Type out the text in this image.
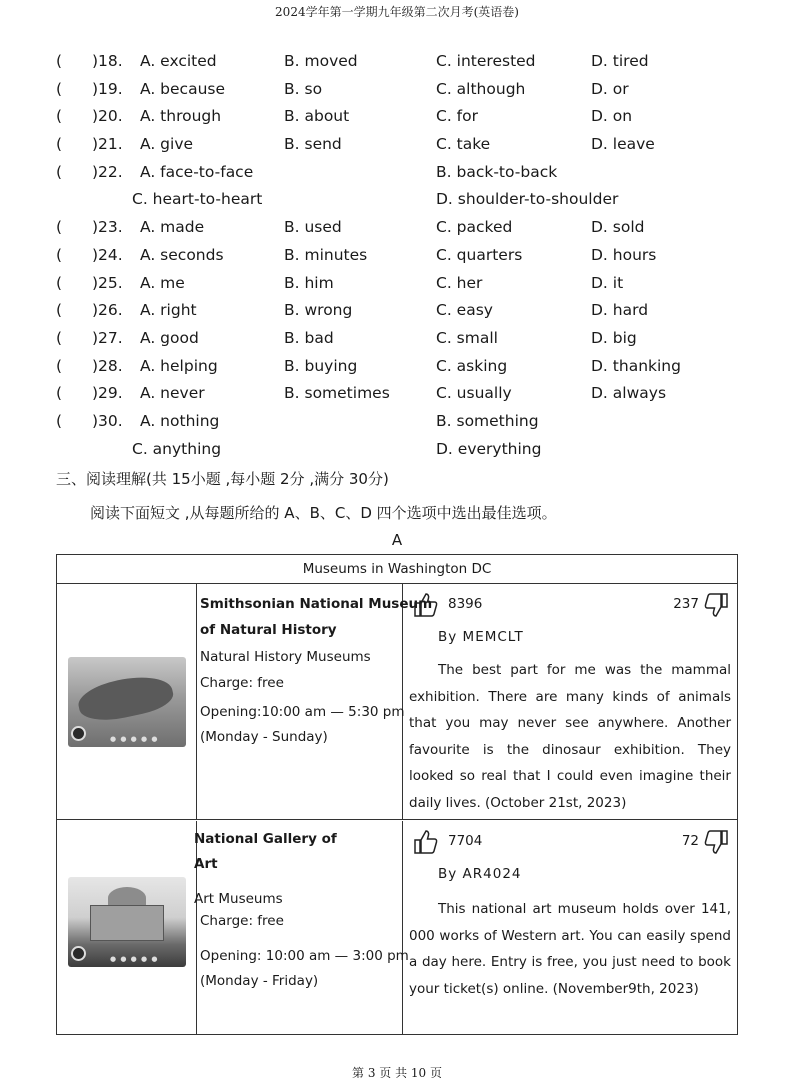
2024学年第一学期九年级第二次月考(英语卷)
( )18. A. excited	B. moved	C. interested	D. tired
( )19. A. because	B. so	C. although	D. or
( )20. A. through	B. about	C. for	D. on
( )21. A. give	B. send	C. take	D. leave
( )22. A. face-to-face	B. back-to-back
C. heart-to-heart	D. shoulder-to-shoulder
( )23. A. made	B. used	C. packed	D. sold
( )24. A. seconds	B. minutes	C. quarters	D. hours
( )25. A. me	B. him	C. her	D. it
( )26. A. right	B. wrong	C. easy	D. hard
( )27. A. good	B. bad	C. small	D. big
( )28. A. helping	B. buying	C. asking	D. thanking
( )29. A. never	B. sometimes	C. usually	D. always
( )30. A. nothing	B. something
C. anything	D. everything
三、阅读理解(共 15小题 ,每小题 2分 ,满分 30分)
阅读下面短文 ,从每题所给的 A、B、C、D 四个选项中选出最佳选项。
A
Museums in Washington DC
● ● ● ● ●
Smithsonian National Museum
of Natural History
Natural History Museums
Charge: free
Opening:10:00 am — 5:30 pm
(Monday - Sunday)
8396	237
By MEMCLT
The best part for me was the mammal exhibition. There are many kinds of animals that you may never see anywhere. Another favourite is the dinosaur exhibition. They looked so real that I could even imagine their daily lives. (October 21st, 2023)
● ● ● ● ●
National Gallery of
Art
Art Museums
Charge: free
Opening: 10:00 am — 3:00 pm
(Monday - Friday)
7704	72
By AR4024
This national art museum holds over 141, 000 works of Western art. You can easily spend a day here. Entry is free, you just need to book your ticket(s) online. (November9th, 2023)
第 3 页 共 10 页
